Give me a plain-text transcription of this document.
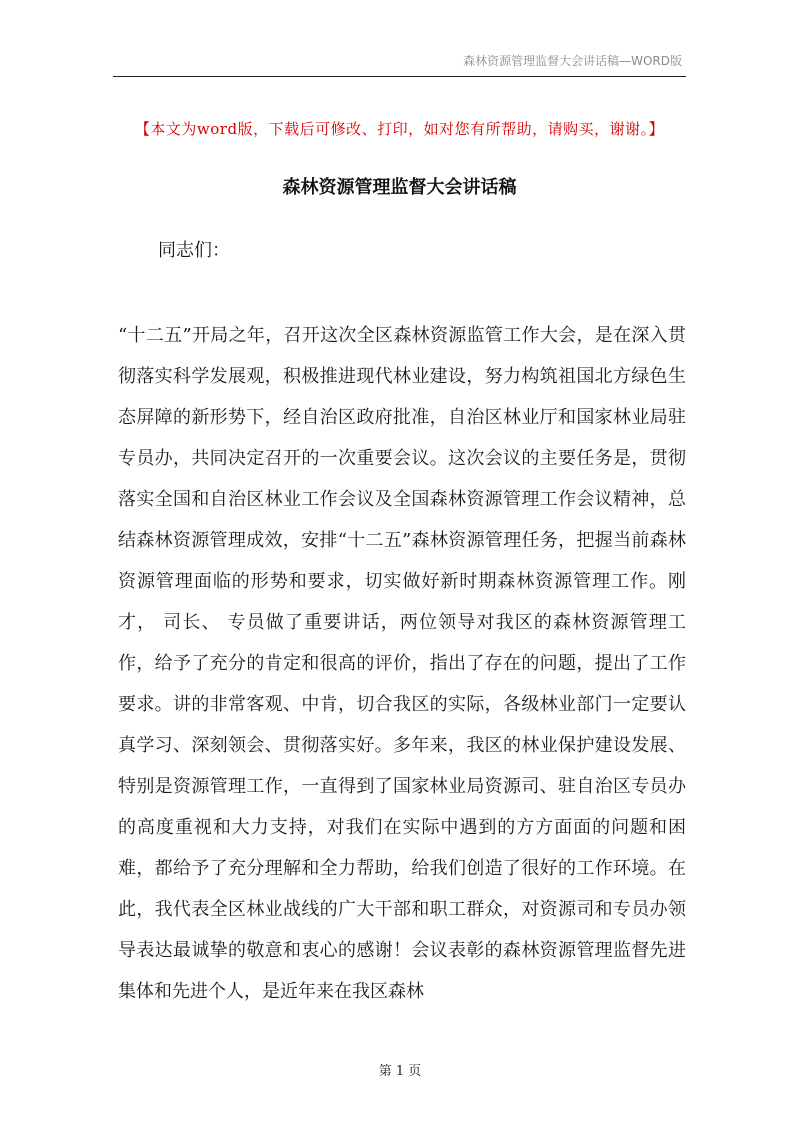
森林资源管理监督大会讲话稿—WORD版
【本文为word版，下载后可修改、打印，如对您有所帮助，请购买，谢谢。】
森林资源管理监督大会讲话稿
同志们：

“十二五”开局之年，召开这次全区森林资源监管工作大会，是在深入贯彻落实科学发展观，积极推进现代林业建设，努力构筑祖国北方绿色生态屏障的新形势下，经自治区政府批准，自治区林业厅和国家林业局驻专员办，共同决定召开的一次重要会议。这次会议的主要任务是，贯彻落实全国和自治区林业工作会议及全国森林资源管理工作会议精神，总结森林资源管理成效，安排“十二五”森林资源管理任务，把握当前森林资源管理面临的形势和要求，切实做好新时期森林资源管理工作。刚才， 司长、 专员做了重要讲话，两位领导对我区的森林资源管理工作，给予了充分的肯定和很高的评价，指出了存在的问题，提出了工作要求。讲的非常客观、中肯，切合我区的实际，各级林业部门一定要认真学习、深刻领会、贯彻落实好。多年来，我区的林业保护建设发展、特别是资源管理工作，一直得到了国家林业局资源司、驻自治区专员办的高度重视和大力支持，对我们在实际中遇到的方方面面的问题和困难，都给予了充分理解和全力帮助，给我们创造了很好的工作环境。在此，我代表全区林业战线的广大干部和职工群众，对资源司和专员办领导表达最诚挚的敬意和衷心的感谢！会议表彰的森林资源管理监督先进集体和先进个人，是近年来在我区森林

第 1 页
